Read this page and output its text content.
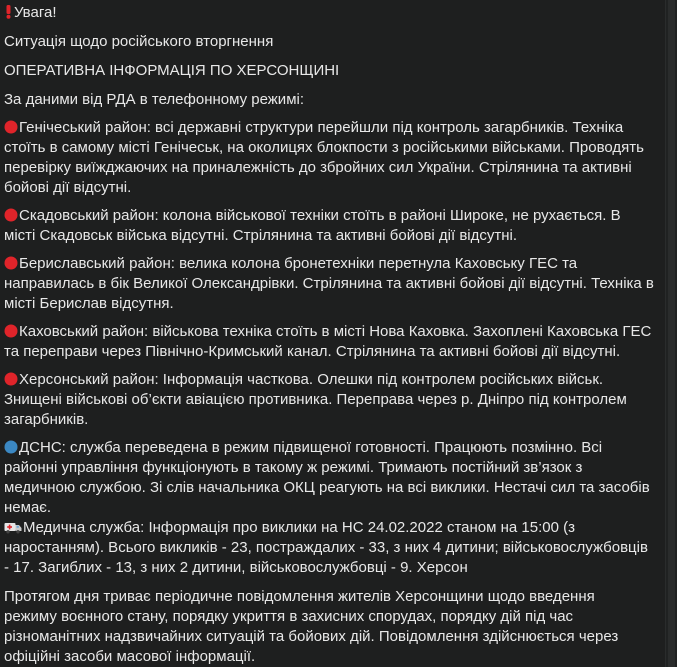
Увага!

Ситуація щодо російського вторгнення

ОПЕРАТИВНА ІНФОРМАЦІЯ ПО ХЕРСОНЩИНІ

За даними від РДА в телефонному режимі:

Генічеський район: всі державні структури перейшли під контроль загарбників. Техніка
стоїть в самому місті Генічеськ, на околицях блокпости з російськими військами. Проводять
перевірку виїжджаючих на приналежність до збройних сил України. Стрілянина та активні
бойові дії відсутні.
Скадовський район: колона військової техніки стоїть в районі Широке, не рухається. В
місті Скадовськ війська відсутні. Стрілянина та активні бойові дії відсутні.
Бериславський район: велика колона бронетехніки перетнула Каховську ГЕС та
направилась в бік Великої Олександрівки. Стрілянина та активні бойові дії відсутні. Техніка в
місті Берислав відсутня.
Каховський район: військова техніка стоїть в місті Нова Каховка. Захоплені Каховська ГЕС
та переправи через Північно-Кримський канал. Стрілянина та активні бойові дії відсутні.
Херсонський район: Інформація часткова. Олешки під контролем російських військ.
Знищені військові об’єкти авіацією противника. Переправа через р. Дніпро під контролем
загарбників.
ДСНС: служба переведена в режим підвищеної готовності. Працюють позмінно. Всі
районні управління функціонують в такому ж режимі. Тримають постійний зв’язок з
медичною службою. Зі слів начальника ОКЦ реагують на всі виклики. Нестачі сил та засобів
немає.
Медична служба: Інформація про виклики на НС 24.02.2022 станом на 15:00 (з
наростанням). Всього викликів - 23, постраждалих - 33, з них 4 дитини; військовослужбовців
- 17. Загиблих - 13, з них 2 дитини, військовослужбовці - 9. Херсон
Протягом дня триває періодичне повідомлення жителів Херсонщини щодо введення
режиму воєнного стану, порядку укриття в захисних спорудах, порядку дій під час
різноманітних надзвичайних ситуацій та бойових дій. Повідомлення здійснюється через
офіційні засоби масової інформації.
